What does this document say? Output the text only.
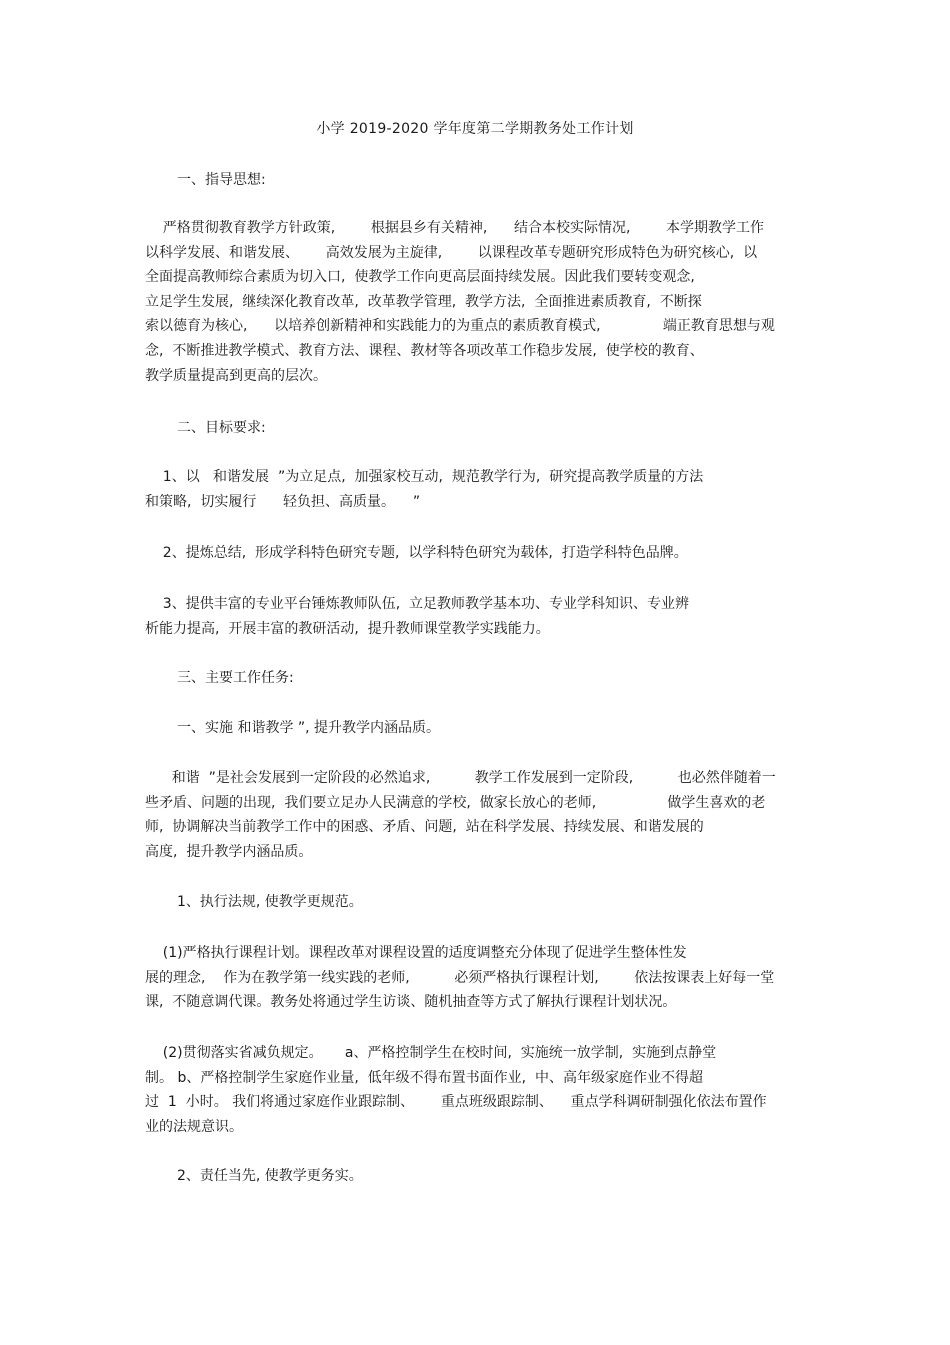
小学 2019-2020 学年度第二学期教务处工作计划
一、指导思想:
严格贯彻教育教学方针政策,        根据县乡有关精神,      结合本校实际情况,        本学期教学工作
以科学发展、和谐发展、      高效发展为主旋律,        以课程改革专题研究形成特色为研究核心,  以
全面提高教师综合素质为切入口,  使教学工作向更高层面持续发展。因此我们要转变观念,
立足学生发展,  继续深化教育改革,  改革教学管理,  教学方法,  全面推进素质教育,  不断探
索以德育为核心,      以培养创新精神和实践能力的为重点的素质教育模式,              端正教育思想与观
念,  不断推进教学模式、教育方法、课程、教材等各项改革工作稳步发展,  使学校的教育、
教学质量提高到更高的层次。
二、目标要求:
1、以   和谐发展  ”为立足点,  加强家校互动,  规范教学行为,  研究提高教学质量的方法
和策略,  切实履行      轻负担、高质量。    ”
2、提炼总结,  形成学科特色研究专题,  以学科特色研究为载体,  打造学科特色品牌。
3、提供丰富的专业平台锤炼教师队伍,  立足教师教学基本功、专业学科知识、专业辨
析能力提高,  开展丰富的教研活动,  提升教师课堂教学实践能力。
三、主要工作任务:
一、实施 和谐教学 ”, 提升教学内涵品质。
和谐  ”是社会发展到一定阶段的必然追求,          教学工作发展到一定阶段,          也必然伴随着一
些矛盾、问题的出现,  我们要立足办人民满意的学校,  做家长放心的老师,                做学生喜欢的老
师,  协调解决当前教学工作中的困惑、矛盾、问题,  站在科学发展、持续发展、和谐发展的
高度,  提升教学内涵品质。
1、执行法规, 使教学更规范。
(1)严格执行课程计划。课程改革对课程设置的适度调整充分体现了促进学生整体性发
展的理念,    作为在教学第一线实践的老师,          必须严格执行课程计划,        依法按课表上好每一堂
课,  不随意调代课。教务处将通过学生访谈、随机抽查等方式了解执行课程计划状况。
(2)贯彻落实省减负规定。     a、严格控制学生在校时间,  实施统一放学制,  实施到点静堂
制。 b、严格控制学生家庭作业量,  低年级不得布置书面作业,  中、高年级家庭作业不得超
过  1  小时。 我们将通过家庭作业跟踪制、      重点班级跟踪制、    重点学科调研制强化依法布置作
业的法规意识。
2、责任当先, 使教学更务实。
